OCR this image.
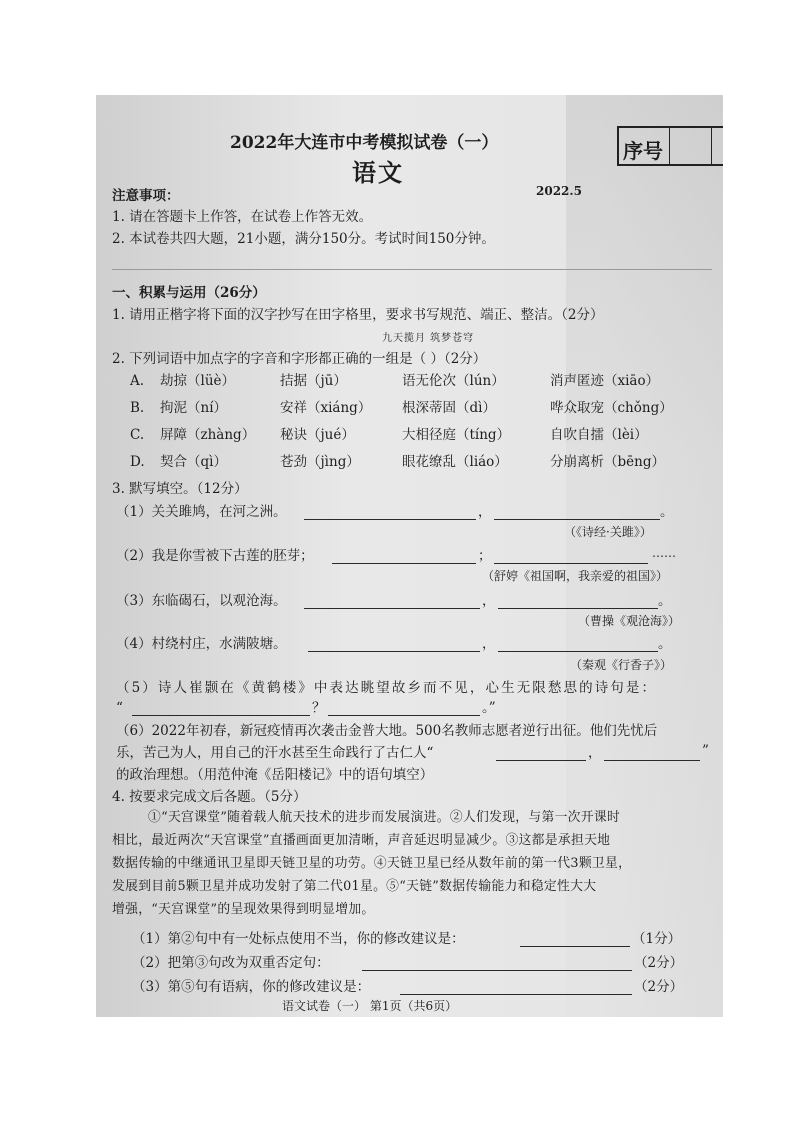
2022年大连市中考模拟试卷（一）	序号
语文
2022.5
注意事项：
1. 请在答题卡上作答，在试卷上作答无效。
2. 本试卷共四大题，21小题，满分150分。考试时间150分钟。
一、积累与运用（26分）
1. 请用正楷字将下面的汉字抄写在田字格里，要求书写规范、端正、整洁。（2分）
九天揽月 筑梦苍穹
2. 下列词语中加点字的字音和字形都正确的一组是（ ）（2分）
A. 劫掠（lüè）	拮据（jū）	语无伦次（lún）	消声匿迹（xiāo）
B. 拘泥（ní）	安祥（xiáng） 根深蒂固（dì）	哗众取宠（chǒng）
C. 屏障（zhàng） 秘诀（jué）	大相径庭（tíng）	自吹自擂（lèi）
D. 契合（qì）	苍劲（jìng）	眼花缭乱（liáo）	分崩离析（bēng）
3. 默写填空。（12分）
（1）关关雎鸠，在河之洲。	，	。
（《诗经·关雎》）
（2）我是你雪被下古莲的胚芽；	；	……
（舒婷《祖国啊，我亲爱的祖国》）
（3）东临碣石，以观沧海。	，	。
（曹操《观沧海》）
（4）村绕村庄，水满陂塘。	，	。
（秦观《行香子》）
（5）诗人崔颢在《黄鹤楼》中表达眺望故乡而不见，心生无限愁思的诗句是：
“	？	。”
（6）2022年初春，新冠疫情再次袭击金普大地。500名教师志愿者逆行出征。他们先忧后
乐，苦己为人，用自己的汗水甚至生命践行了古仁人“	，	”
的政治理想。（用范仲淹《岳阳楼记》中的语句填空）
4. 按要求完成文后各题。（5分）
①“天宫课堂”随着载人航天技术的进步而发展演进。②人们发现，与第一次开课时
相比，最近两次“天宫课堂”直播画面更加清晰，声音延迟明显减少。③这都是承担天地
数据传输的中继通讯卫星即天链卫星的功劳。④天链卫星已经从数年前的第一代3颗卫星，
发展到目前5颗卫星并成功发射了第二代01星。⑤“天链”数据传输能力和稳定性大大
增强，“天宫课堂”的呈现效果得到明显增加。
（1）第②句中有一处标点使用不当，你的修改建议是：	（1分）
（2）把第③句改为双重否定句：	（2分）
（3）第⑤句有语病，你的修改建议是：	（2分）
语文试卷（一） 第1页（共6页）
